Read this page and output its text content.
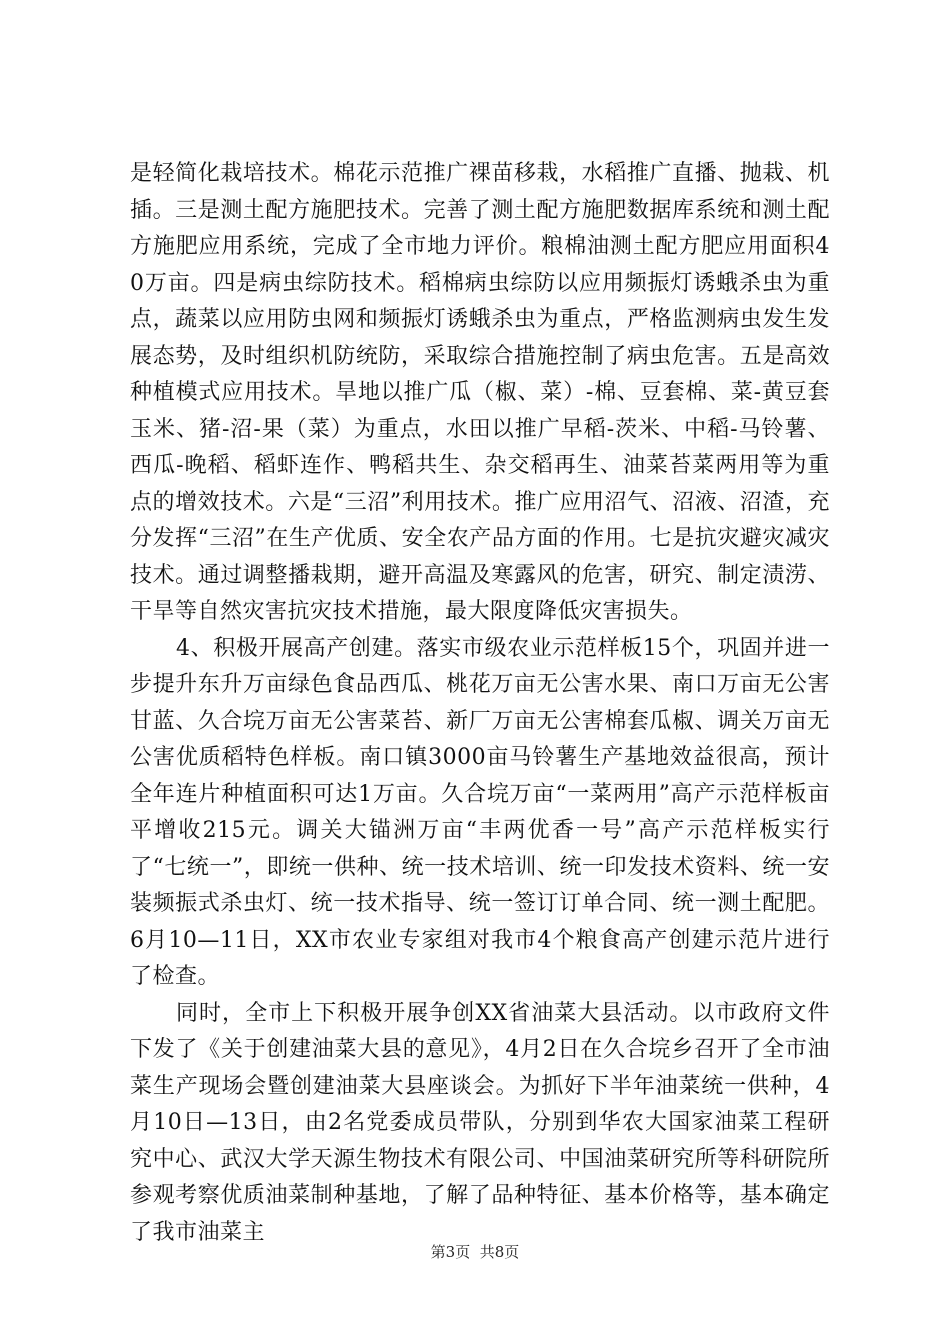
是轻简化栽培技术。棉花示范推广裸苗移栽，水稻推广直播、抛栽、机插。三是测土配方施肥技术。完善了测土配方施肥数据库系统和测土配方施肥应用系统，完成了全市地力评价。粮棉油测土配方肥应用面积40万亩。四是病虫综防技术。稻棉病虫综防以应用频振灯诱蛾杀虫为重点，蔬菜以应用防虫网和频振灯诱蛾杀虫为重点，严格监测病虫发生发展态势，及时组织机防统防，采取综合措施控制了病虫危害。五是高效种植模式应用技术。旱地以推广瓜（椒、菜）-棉、豆套棉、菜-黄豆套玉米、猪-沼-果（菜）为重点，水田以推广早稻-茨米、中稻-马铃薯、西瓜-晚稻、稻虾连作、鸭稻共生、杂交稻再生、油菜苔菜两用等为重点的增效技术。六是“三沼”利用技术。推广应用沼气、沼液、沼渣，充分发挥“三沼”在生产优质、安全农产品方面的作用。七是抗灾避灾减灾技术。通过调整播栽期，避开高温及寒露风的危害，研究、制定渍涝、干旱等自然灾害抗灾技术措施，最大限度降低灾害损失。

4、积极开展高产创建。落实市级农业示范样板15个，巩固并进一步提升东升万亩绿色食品西瓜、桃花万亩无公害水果、南口万亩无公害甘蓝、久合垸万亩无公害菜苔、新厂万亩无公害棉套瓜椒、调关万亩无公害优质稻特色样板。南口镇3000亩马铃薯生产基地效益很高，预计全年连片种植面积可达1万亩。久合垸万亩“一菜两用”高产示范样板亩平增收215元。调关大锚洲万亩“丰两优香一号”高产示范样板实行了“七统一”，即统一供种、统一技术培训、统一印发技术资料、统一安装频振式杀虫灯、统一技术指导、统一签订订单合同、统一测土配肥。6月10—11日，XX市农业专家组对我市4个粮食高产创建示范片进行了检查。

同时，全市上下积极开展争创XX省油菜大县活动。以市政府文件下发了《关于创建油菜大县的意见》，4月2日在久合垸乡召开了全市油菜生产现场会暨创建油菜大县座谈会。为抓好下半年油菜统一供种，4月10日—13日，由2名党委成员带队，分别到华农大国家油菜工程研究中心、武汉大学天源生物技术有限公司、中国油菜研究所等科研院所参观考察优质油菜制种基地，了解了品种特征、基本价格等，基本确定了我市油菜主

第3页 共8页
